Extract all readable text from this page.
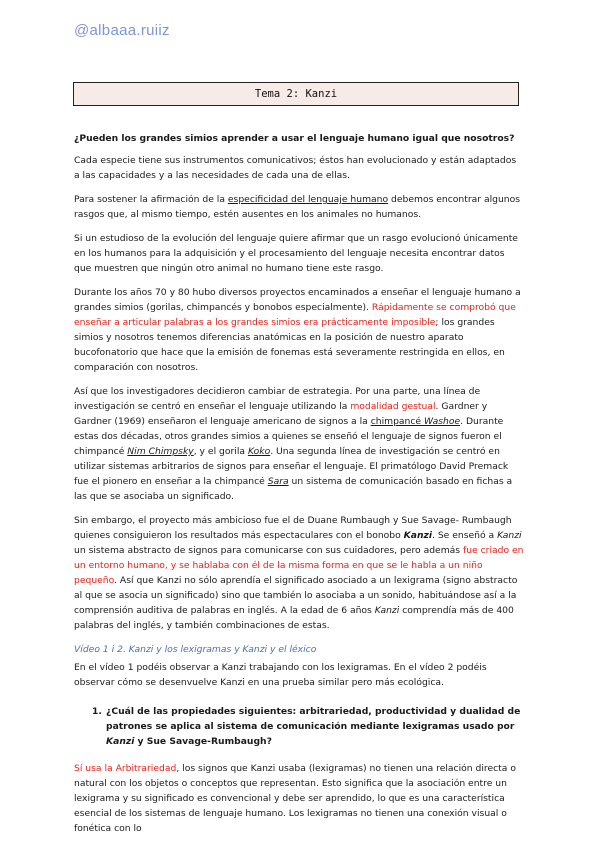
@albaaa.ruiiz
Tema 2: Kanzi

¿Pueden los grandes simios aprender a usar el lenguaje humano igual que nosotros?

Cada especie tiene sus instrumentos comunicativos; éstos han evolucionado y están adaptados a las capacidades y a las necesidades de cada una de ellas.

Para sostener la afirmación de la especificidad del lenguaje humano debemos encontrar algunos rasgos que, al mismo tiempo, estén ausentes en los animales no humanos.

Si un estudioso de la evolución del lenguaje quiere afirmar que un rasgo evolucionó únicamente en los humanos para la adquisición y el procesamiento del lenguaje necesita encontrar datos que muestren que ningún otro animal no humano tiene este rasgo.

Durante los años 70 y 80 hubo diversos proyectos encaminados a enseñar el lenguaje humano a grandes simios (gorilas, chimpancés y bonobos especialmente). Rápidamente se comprobó que enseñar a articular palabras a los grandes simios era prácticamente imposible; los grandes simios y nosotros tenemos diferencias anatómicas en la posición de nuestro aparato bucofonatorio que hace que la emisión de fonemas está severamente restringida en ellos, en comparación con nosotros.

Así que los investigadores decidieron cambiar de estrategia. Por una parte, una línea de investigación se centró en enseñar el lenguaje utilizando la modalidad gestual. Gardner y Gardner (1969) enseñaron el lenguaje americano de signos a la chimpancé Washoe. Durante estas dos décadas, otros grandes simios a quienes se enseñó el lenguaje de signos fueron el chimpancé Nim Chimpsky, y el gorila Koko. Una segunda línea de investigación se centró en utilizar sistemas arbitrarios de signos para enseñar el lenguaje. El primatólogo David Premack fue el pionero en enseñar a la chimpancé Sara un sistema de comunicación basado en fichas a las que se asociaba un significado.

Sin embargo, el proyecto más ambicioso fue el de Duane Rumbaugh y Sue Savage- Rumbaugh quienes consiguieron los resultados más espectaculares con el bonobo Kanzi. Se enseñó a Kanzi un sistema abstracto de signos para comunicarse con sus cuidadores, pero además fue criado en un entorno humano, y se hablaba con él de la misma forma en que se le habla a un niño pequeño. Así que Kanzi no sólo aprendía el significado asociado a un lexigrama (signo abstracto al que se asocia un significado) sino que también lo asociaba a un sonido, habituándose así a la comprensión auditiva de palabras en inglés. A la edad de 6 años Kanzi comprendía más de 400 palabras del inglés, y también combinaciones de estas.

Vídeo 1 i 2. Kanzi y los lexigramas y Kanzi y el léxico

En el vídeo 1 podéis observar a Kanzi trabajando con los lexigramas. En el vídeo 2 podéis observar cómo se desenvuelve Kanzi en una prueba similar pero más ecológica.

1. ¿Cuál de las propiedades siguientes: arbitrariedad, productividad y dualidad de patrones se aplica al sistema de comunicación mediante lexigramas usado por Kanzi y Sue Savage-Rumbaugh?

Sí usa la Arbitrariedad, los signos que Kanzi usaba (lexigramas) no tienen una relación directa o natural con los objetos o conceptos que representan. Esto significa que la asociación entre un lexigrama y su significado es convencional y debe ser aprendido, lo que es una característica esencial de los sistemas de lenguaje humano. Los lexigramas no tienen una conexión visual o fonética con lo
